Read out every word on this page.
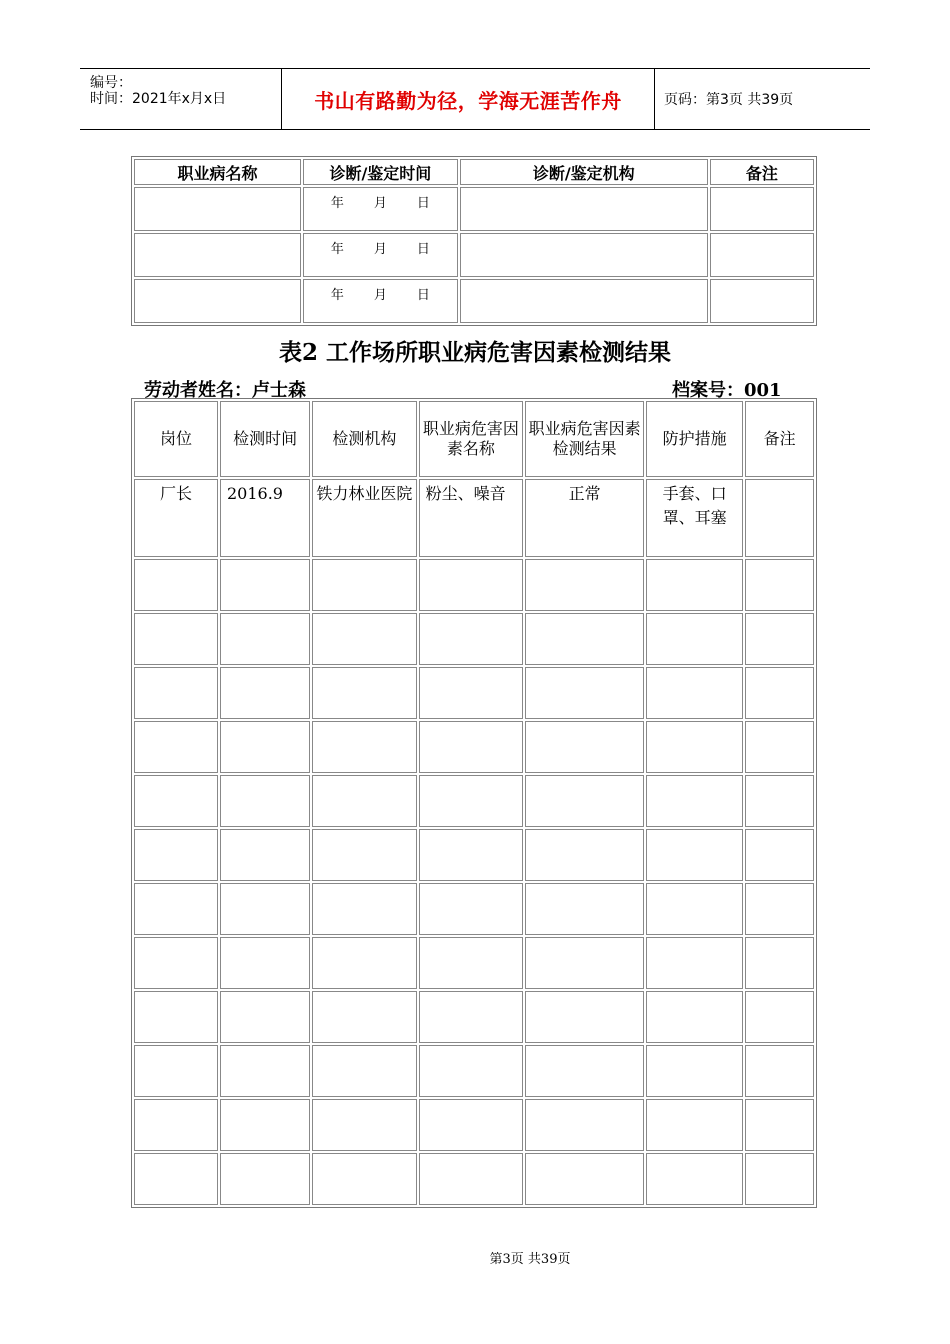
编号：
时间：2021年x月x日	书山有路勤为径，学海无涯苦作舟	页码：第3页 共39页
职业病名称	诊断/鉴定时间	诊断/鉴定机构	备注
	年 月 日		
	年 月 日		
	年 月 日		
表2 工作场所职业病危害因素检测结果
劳动者姓名：卢士森	档案号：001
岗位	检测时间	检测机构	职业病危害因素名称	职业病危害因素检测结果	防护措施	备注
厂长	2016.9	铁力林业医院	粉尘、噪音	正常	手套、口罩、耳塞	

第3页 共39页
